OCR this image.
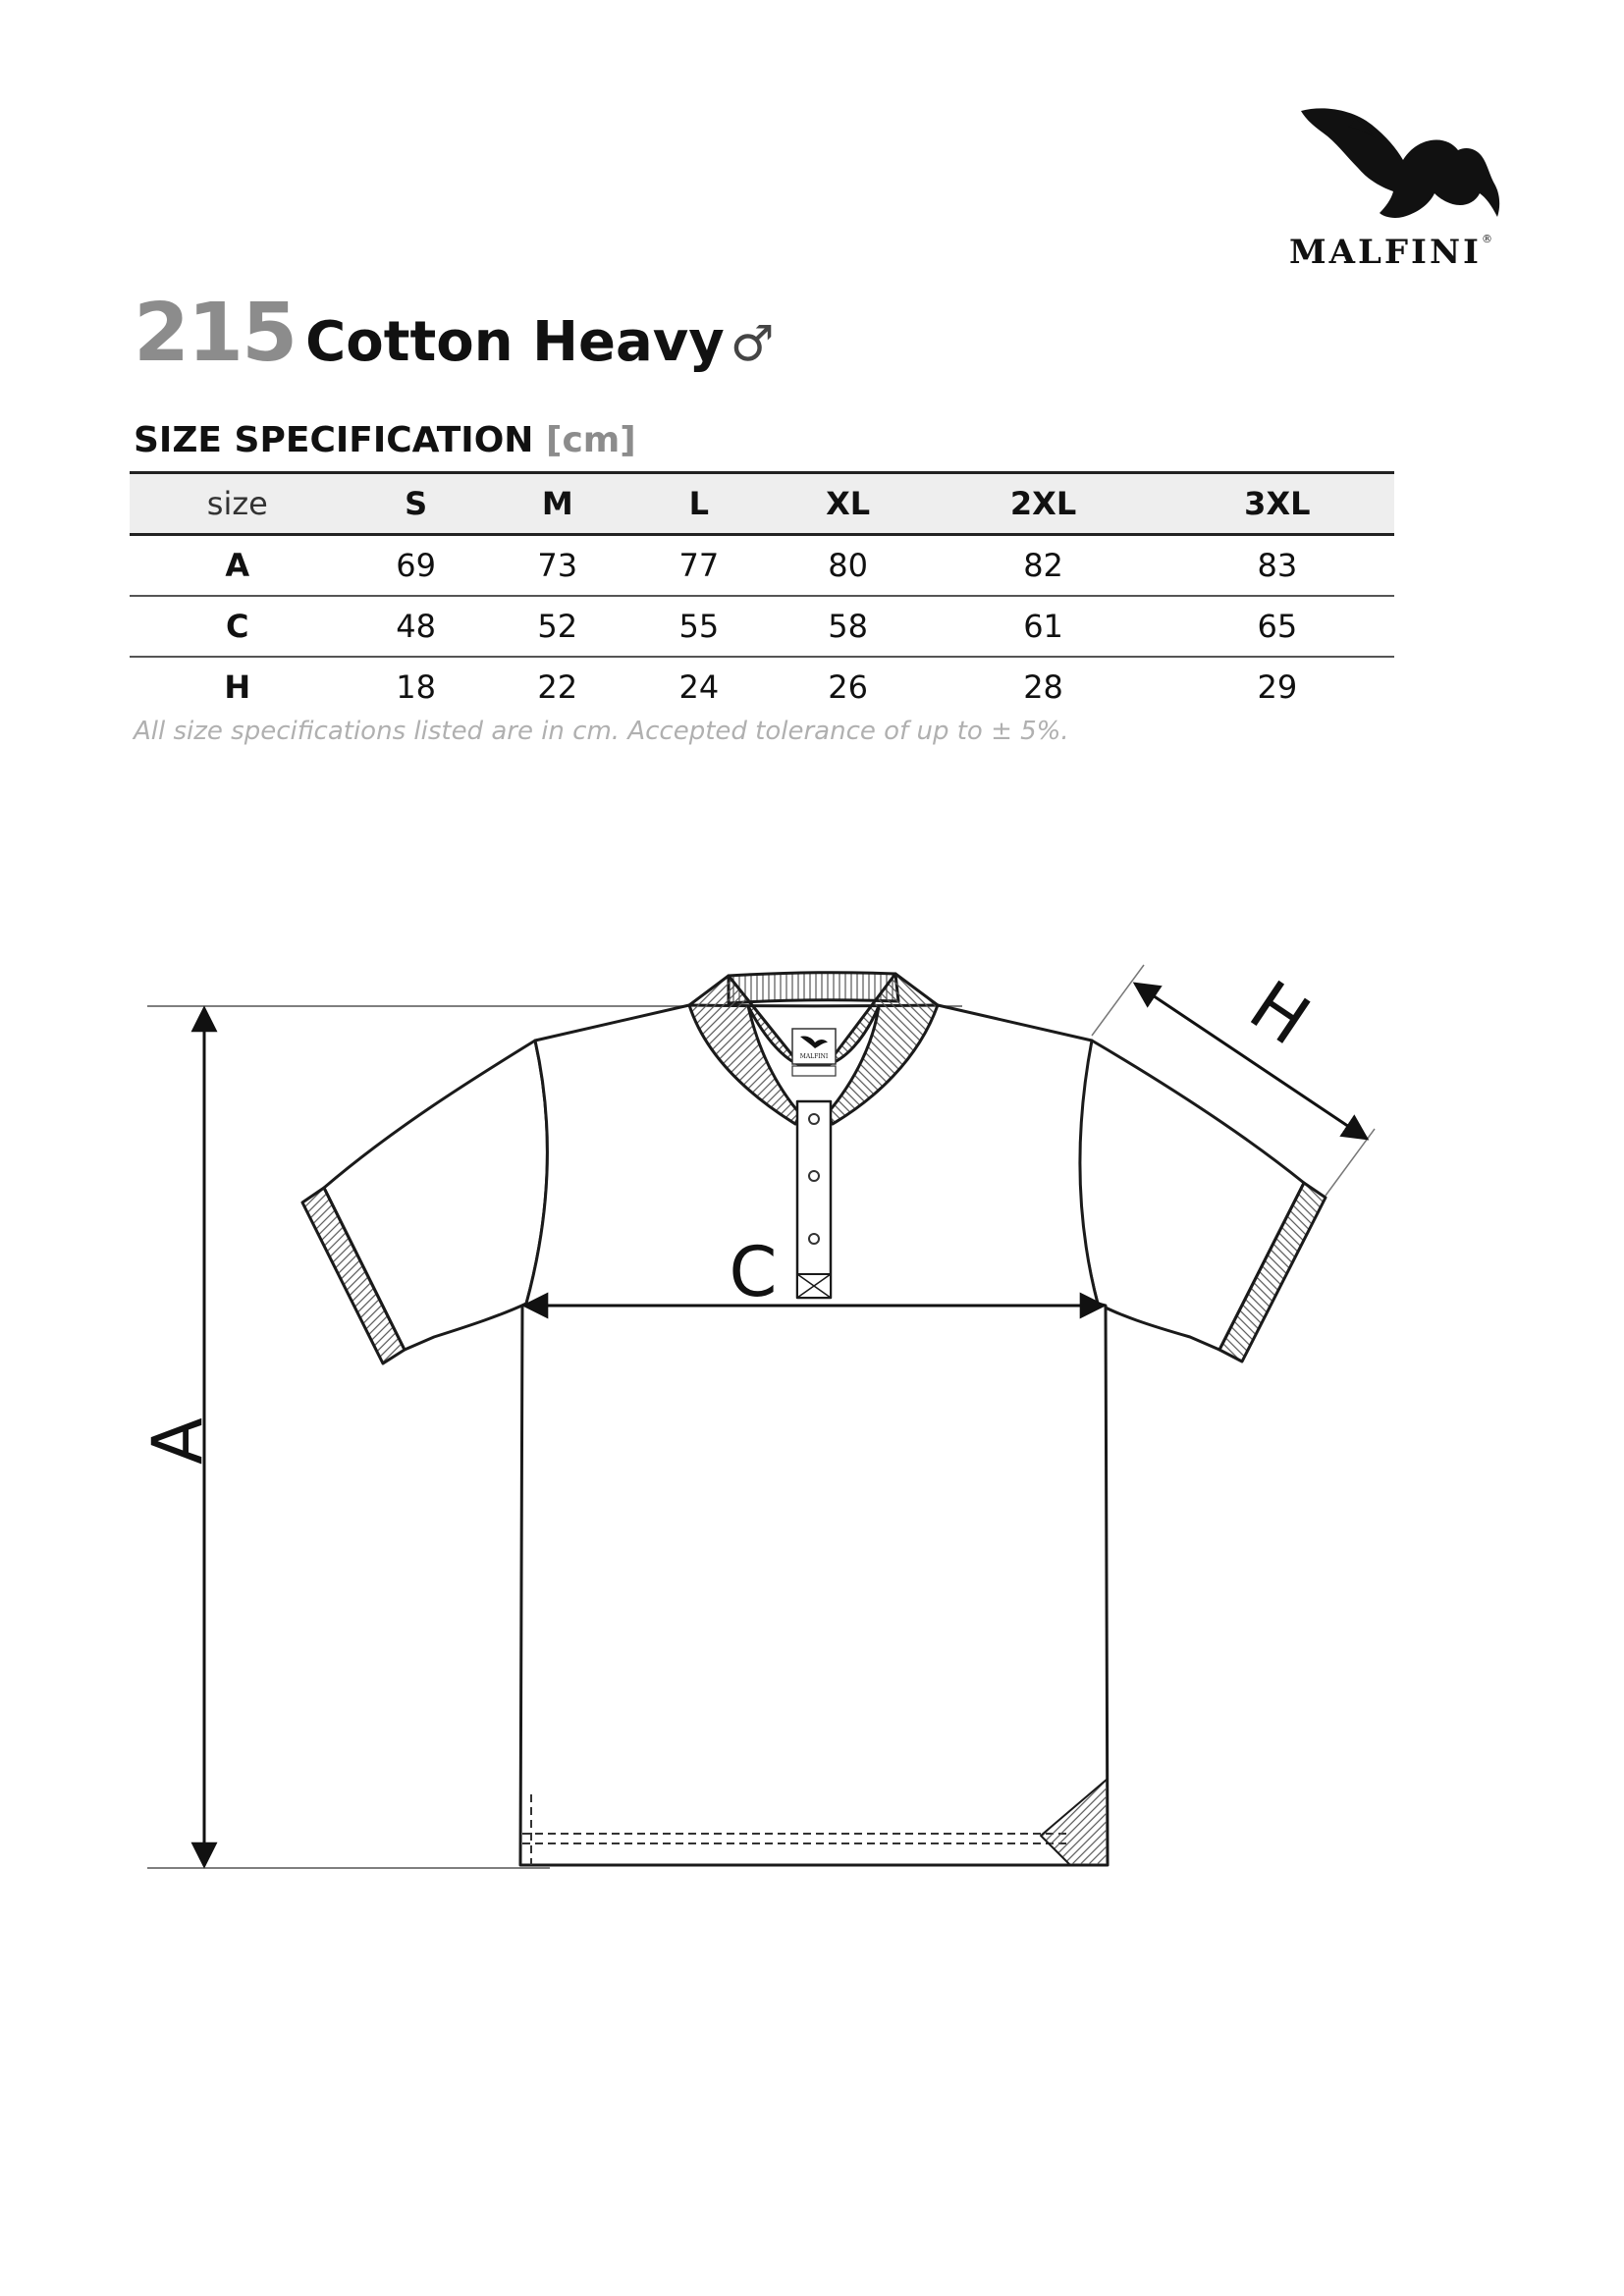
MALFINI®
215 Cotton Heavy ♂
SIZE SPECIFICATION [cm]
size	S	M	L	XL	2XL	3XL
A	69	73	77	80	82	83
C	48	52	55	58	61	65
H	18	22	24	26	28	29
All size specifications listed are in cm. Accepted tolerance of up to ± 5%.
MALFINI
A
C
H
